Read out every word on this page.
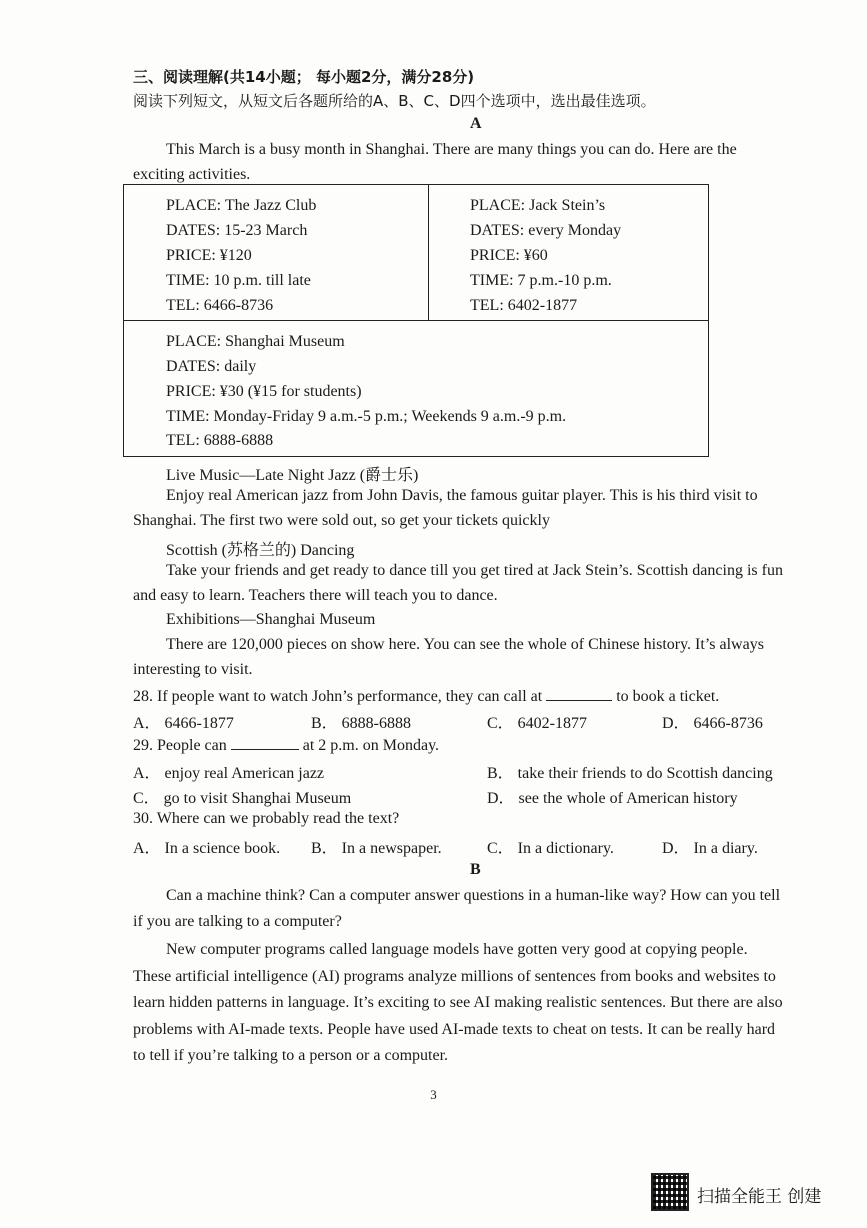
三、阅读理解(共14小题； 每小题2分，满分28分)
阅读下列短文，从短文后各题所给的A、B、C、D四个选项中，选出最佳选项。
A
This March is a busy month in Shanghai. There are many things you can do. Here are the
exciting activities.
PLACE: The Jazz Club
DATES: 15-23 March
PRICE: ¥120
TIME: 10 p.m. till late
TEL: 6466-8736
PLACE: Jack Stein’s
DATES: every Monday
PRICE: ¥60
TIME: 7 p.m.-10 p.m.
TEL: 6402-1877
PLACE: Shanghai Museum
DATES: daily
PRICE: ¥30 (¥15 for students)
TIME: Monday-Friday 9 a.m.-5 p.m.; Weekends 9 a.m.-9 p.m.
TEL: 6888-6888
Live Music—Late Night Jazz (爵士乐)
Enjoy real American jazz from John Davis, the famous guitar player. This is his third visit to
Shanghai. The first two were sold out, so get your tickets quickly
Scottish (苏格兰的) Dancing
Take your friends and get ready to dance till you get tired at Jack Stein’s. Scottish dancing is fun
and easy to learn. Teachers there will teach you to dance.
Exhibitions—Shanghai Museum
There are 120,000 pieces on show here. You can see the whole of Chinese history. It’s always
interesting to visit.
28. If people want to watch John’s performance, they can call at	to book a ticket.
A． 6466-1877	B． 6888-6888	C． 6402-1877	D． 6466-8736
29. People can	at 2 p.m. on Monday.
A． enjoy real American jazz	B． take their friends to do Scottish dancing
C． go to visit Shanghai Museum	D． see the whole of American history
30. Where can we probably read the text?
A． In a science book. B． In a newspaper.	C． In a dictionary.	D． In a diary.
B
Can a machine think? Can a computer answer questions in a human-like way? How can you tell
if you are talking to a computer?
New computer programs called language models have gotten very good at copying people.
These artificial intelligence (AI) programs analyze millions of sentences from books and websites to
learn hidden patterns in language. It’s exciting to see AI making realistic sentences. But there are also
problems with AI-made texts. People have used AI-made texts to cheat on tests. It can be really hard
to tell if you’re talking to a person or a computer.
3
扫描全能王 创建
